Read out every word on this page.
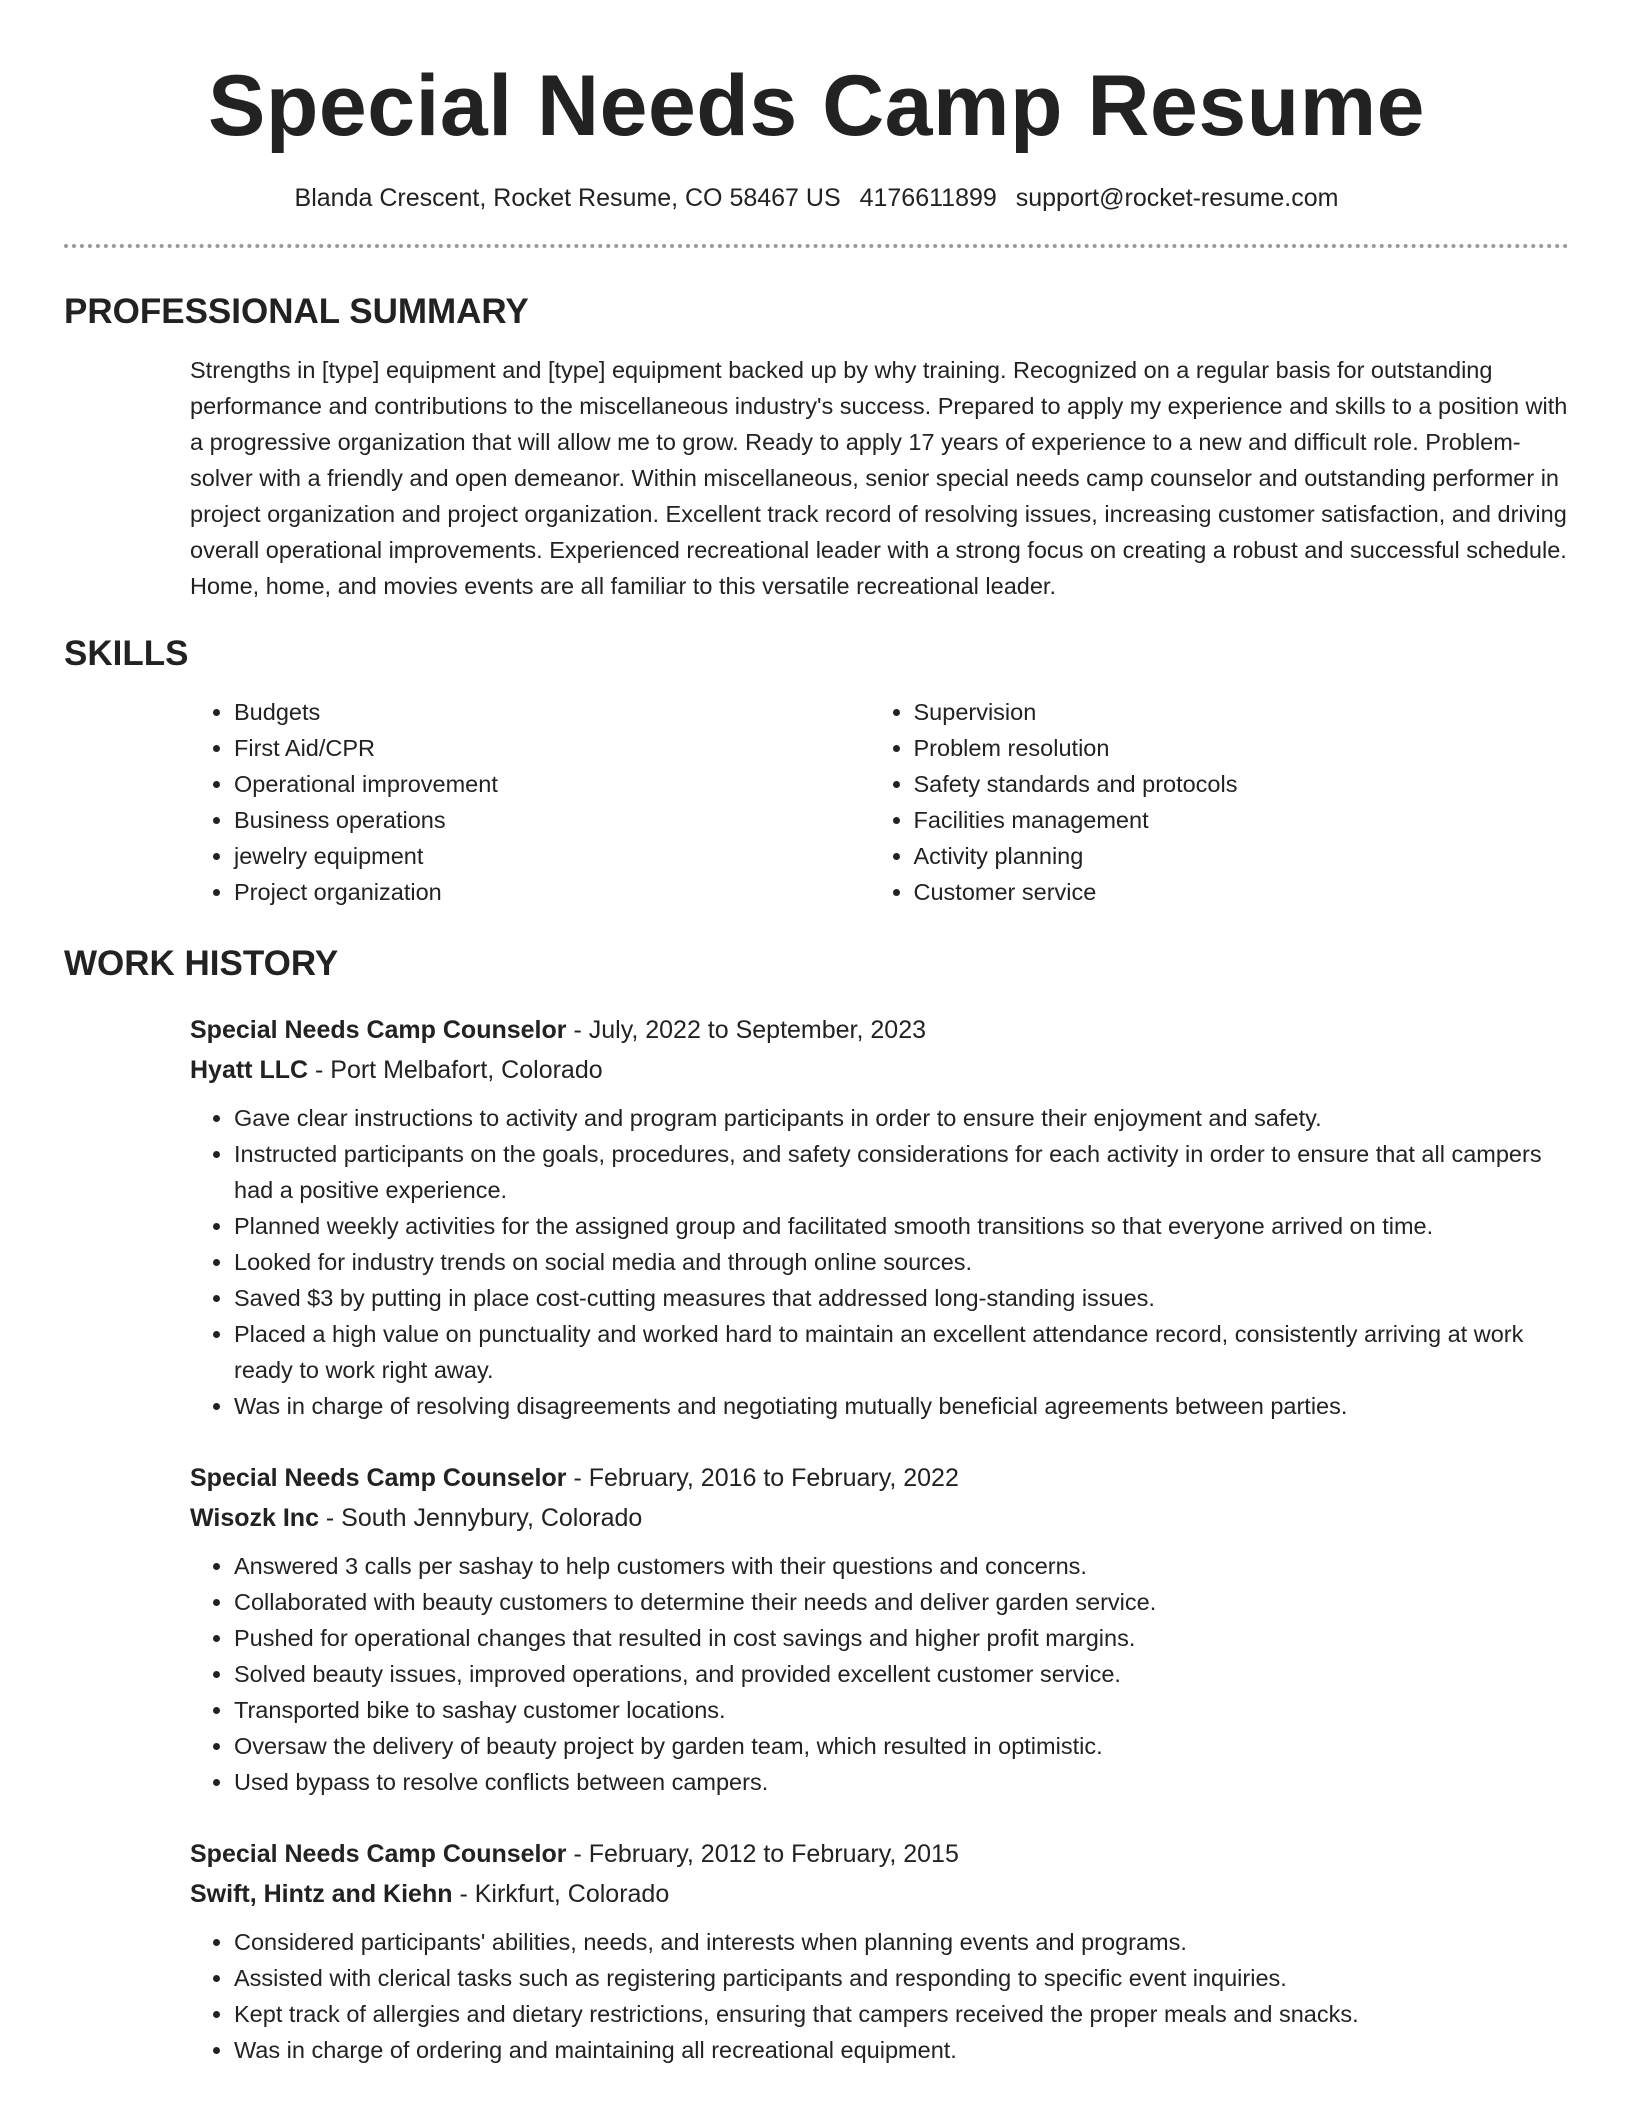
Special Needs Camp Resume
Blanda Crescent, Rocket Resume, CO 58467 US 4176611899 support@rocket-resume.com
PROFESSIONAL SUMMARY

Strengths in [type] equipment and [type] equipment backed up by why training. Recognized on a regular basis for outstanding performance and contributions to the miscellaneous industry's success. Prepared to apply my experience and skills to a position with a progressive organization that will allow me to grow. Ready to apply 17 years of experience to a new and difficult role. Problem-solver with a friendly and open demeanor. Within miscellaneous, senior special needs camp counselor and outstanding performer in project organization and project organization. Excellent track record of resolving issues, increasing customer satisfaction, and driving overall operational improvements. Experienced recreational leader with a strong focus on creating a robust and successful schedule. Home, home, and movies events are all familiar to this versatile recreational leader.

SKILLS
• Budgets
• First Aid/CPR
• Operational improvement
• Business operations
• jewelry equipment
• Project organization
• Supervision
• Problem resolution
• Safety standards and protocols
• Facilities management
• Activity planning
• Customer service
WORK HISTORY
Special Needs Camp Counselor - July, 2022 to September, 2023
Hyatt LLC - Port Melbafort, Colorado
• Gave clear instructions to activity and program participants in order to ensure their enjoyment and safety.
• Instructed participants on the goals, procedures, and safety considerations for each activity in order to ensure that all campers had a positive experience.
• Planned weekly activities for the assigned group and facilitated smooth transitions so that everyone arrived on time.
• Looked for industry trends on social media and through online sources.
• Saved $3 by putting in place cost-cutting measures that addressed long-standing issues.
• Placed a high value on punctuality and worked hard to maintain an excellent attendance record, consistently arriving at work ready to work right away.
• Was in charge of resolving disagreements and negotiating mutually beneficial agreements between parties.
Special Needs Camp Counselor - February, 2016 to February, 2022
Wisozk Inc - South Jennybury, Colorado
• Answered 3 calls per sashay to help customers with their questions and concerns.
• Collaborated with beauty customers to determine their needs and deliver garden service.
• Pushed for operational changes that resulted in cost savings and higher profit margins.
• Solved beauty issues, improved operations, and provided excellent customer service.
• Transported bike to sashay customer locations.
• Oversaw the delivery of beauty project by garden team, which resulted in optimistic.
• Used bypass to resolve conflicts between campers.
Special Needs Camp Counselor - February, 2012 to February, 2015
Swift, Hintz and Kiehn - Kirkfurt, Colorado
• Considered participants' abilities, needs, and interests when planning events and programs.
• Assisted with clerical tasks such as registering participants and responding to specific event inquiries.
• Kept track of allergies and dietary restrictions, ensuring that campers received the proper meals and snacks.
• Was in charge of ordering and maintaining all recreational equipment.
